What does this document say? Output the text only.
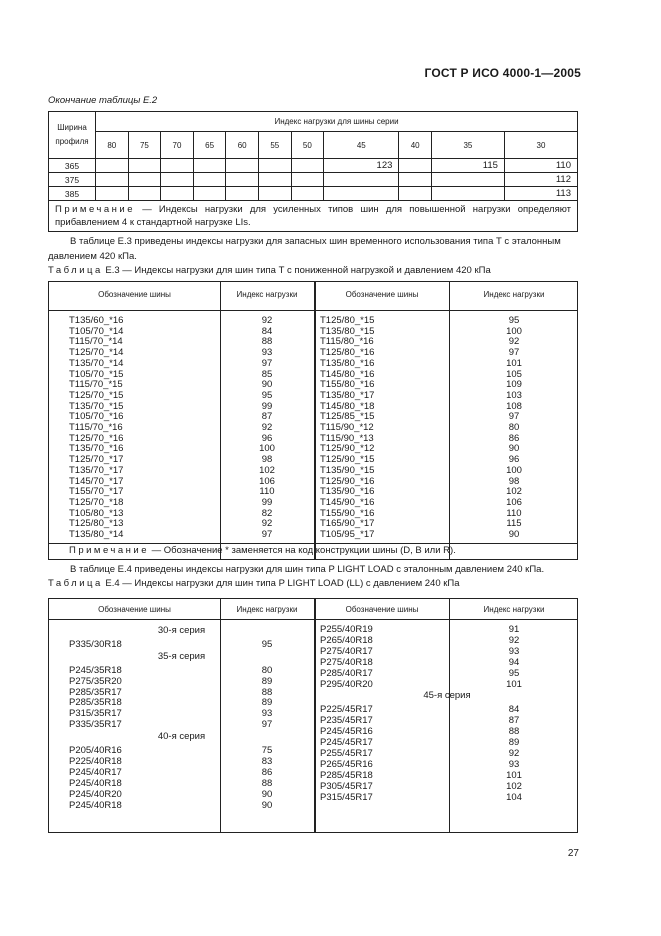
ГОСТ Р ИСО 4000-1—2005
Окончание таблицы Е.2
Ширина профиля	Индекс нагрузки для шины серии										
	80	75	70	65	60	55	50	45	40	35	30
365								123		115	110
375											112
385											113
Примечание — Индексы нагрузки для усиленных типов шин для повышенной нагрузки определяют прибавлением 4 к стандартной нагрузке LIs.											
В таблице Е.3 приведены индексы нагрузки для запасных шин временного использования типа Т с эталонным давлением 420 кПа.
Таблица Е.3 — Индексы нагрузки для шин типа Т с пониженной нагрузкой и давлением 420 кПа
Обозначение шины	Индекс нагрузки	Обозначение шины	Индекс нагрузки
T135/60_*16	92
T105/70_*14	84
T115/70_*14	88
T125/70_*14	93
T135/70_*14	97
T105/70_*15	85
T115/70_*15	90
T125/70_*15	95
T135/70_*15	99
T105/70_*16	87
T115/70_*16	92
T125/70_*16	96
T135/70_*16	100
T125/70_*17	98
T135/70_*17	102
T145/70_*17	106
T155/70_*17	110
T125/70_*18	99
T105/80_*13	82
T125/80_*13	92
T135/80_*14	97
T125/80_*15	95
T135/80_*15	100
T115/80_*16	92
T125/80_*16	97
T135/80_*16	101
T145/80_*16	105
T155/80_*16	109
T135/80_*17	103
T145/80_*18	108
T125/85_*15	97
T115/90_*12	80
T115/90_*13	86
T125/90_*12	90
T125/90_*15	96
T135/90_*15	100
T125/90_*16	98
T135/90_*16	102
T145/90_*16	106
T155/90_*16	110
T165/90_*17	115
T105/95_*17	90
Примечание — Обозначение * заменяется на код конструкции шины (D, B или R).
В таблице Е.4 приведены индексы нагрузки для шин типа P LIGHT LOAD с эталонным давлением 240 кПа.
Таблица Е.4 — Индексы нагрузки для шин типа P LIGHT LOAD (LL) с давлением 240 кПа
Обозначение шины	Индекс нагрузки	Обозначение шины	Индекс нагрузки
30-я серия
P335/30R18	95
35-я серия
P245/35R18	80
P275/35R20	89
P285/35R17	88
P285/35R18	89
P315/35R17	93
P335/35R17	97
40-я серия
P205/40R16	75
P225/40R18	83
P245/40R17	86
P245/40R18	88
P245/40R20	90
P245/40R18	90
P255/40R19	91
P265/40R18	92
P275/40R17	93
P275/40R18	94
P285/40R17	95
P295/40R20	101
45-я серия
P225/45R17	84
P235/45R17	87
P245/45R16	88
P245/45R17	89
P255/45R17	92
P265/45R16	93
P285/45R18	101
P305/45R17	102
P315/45R17	104
27
